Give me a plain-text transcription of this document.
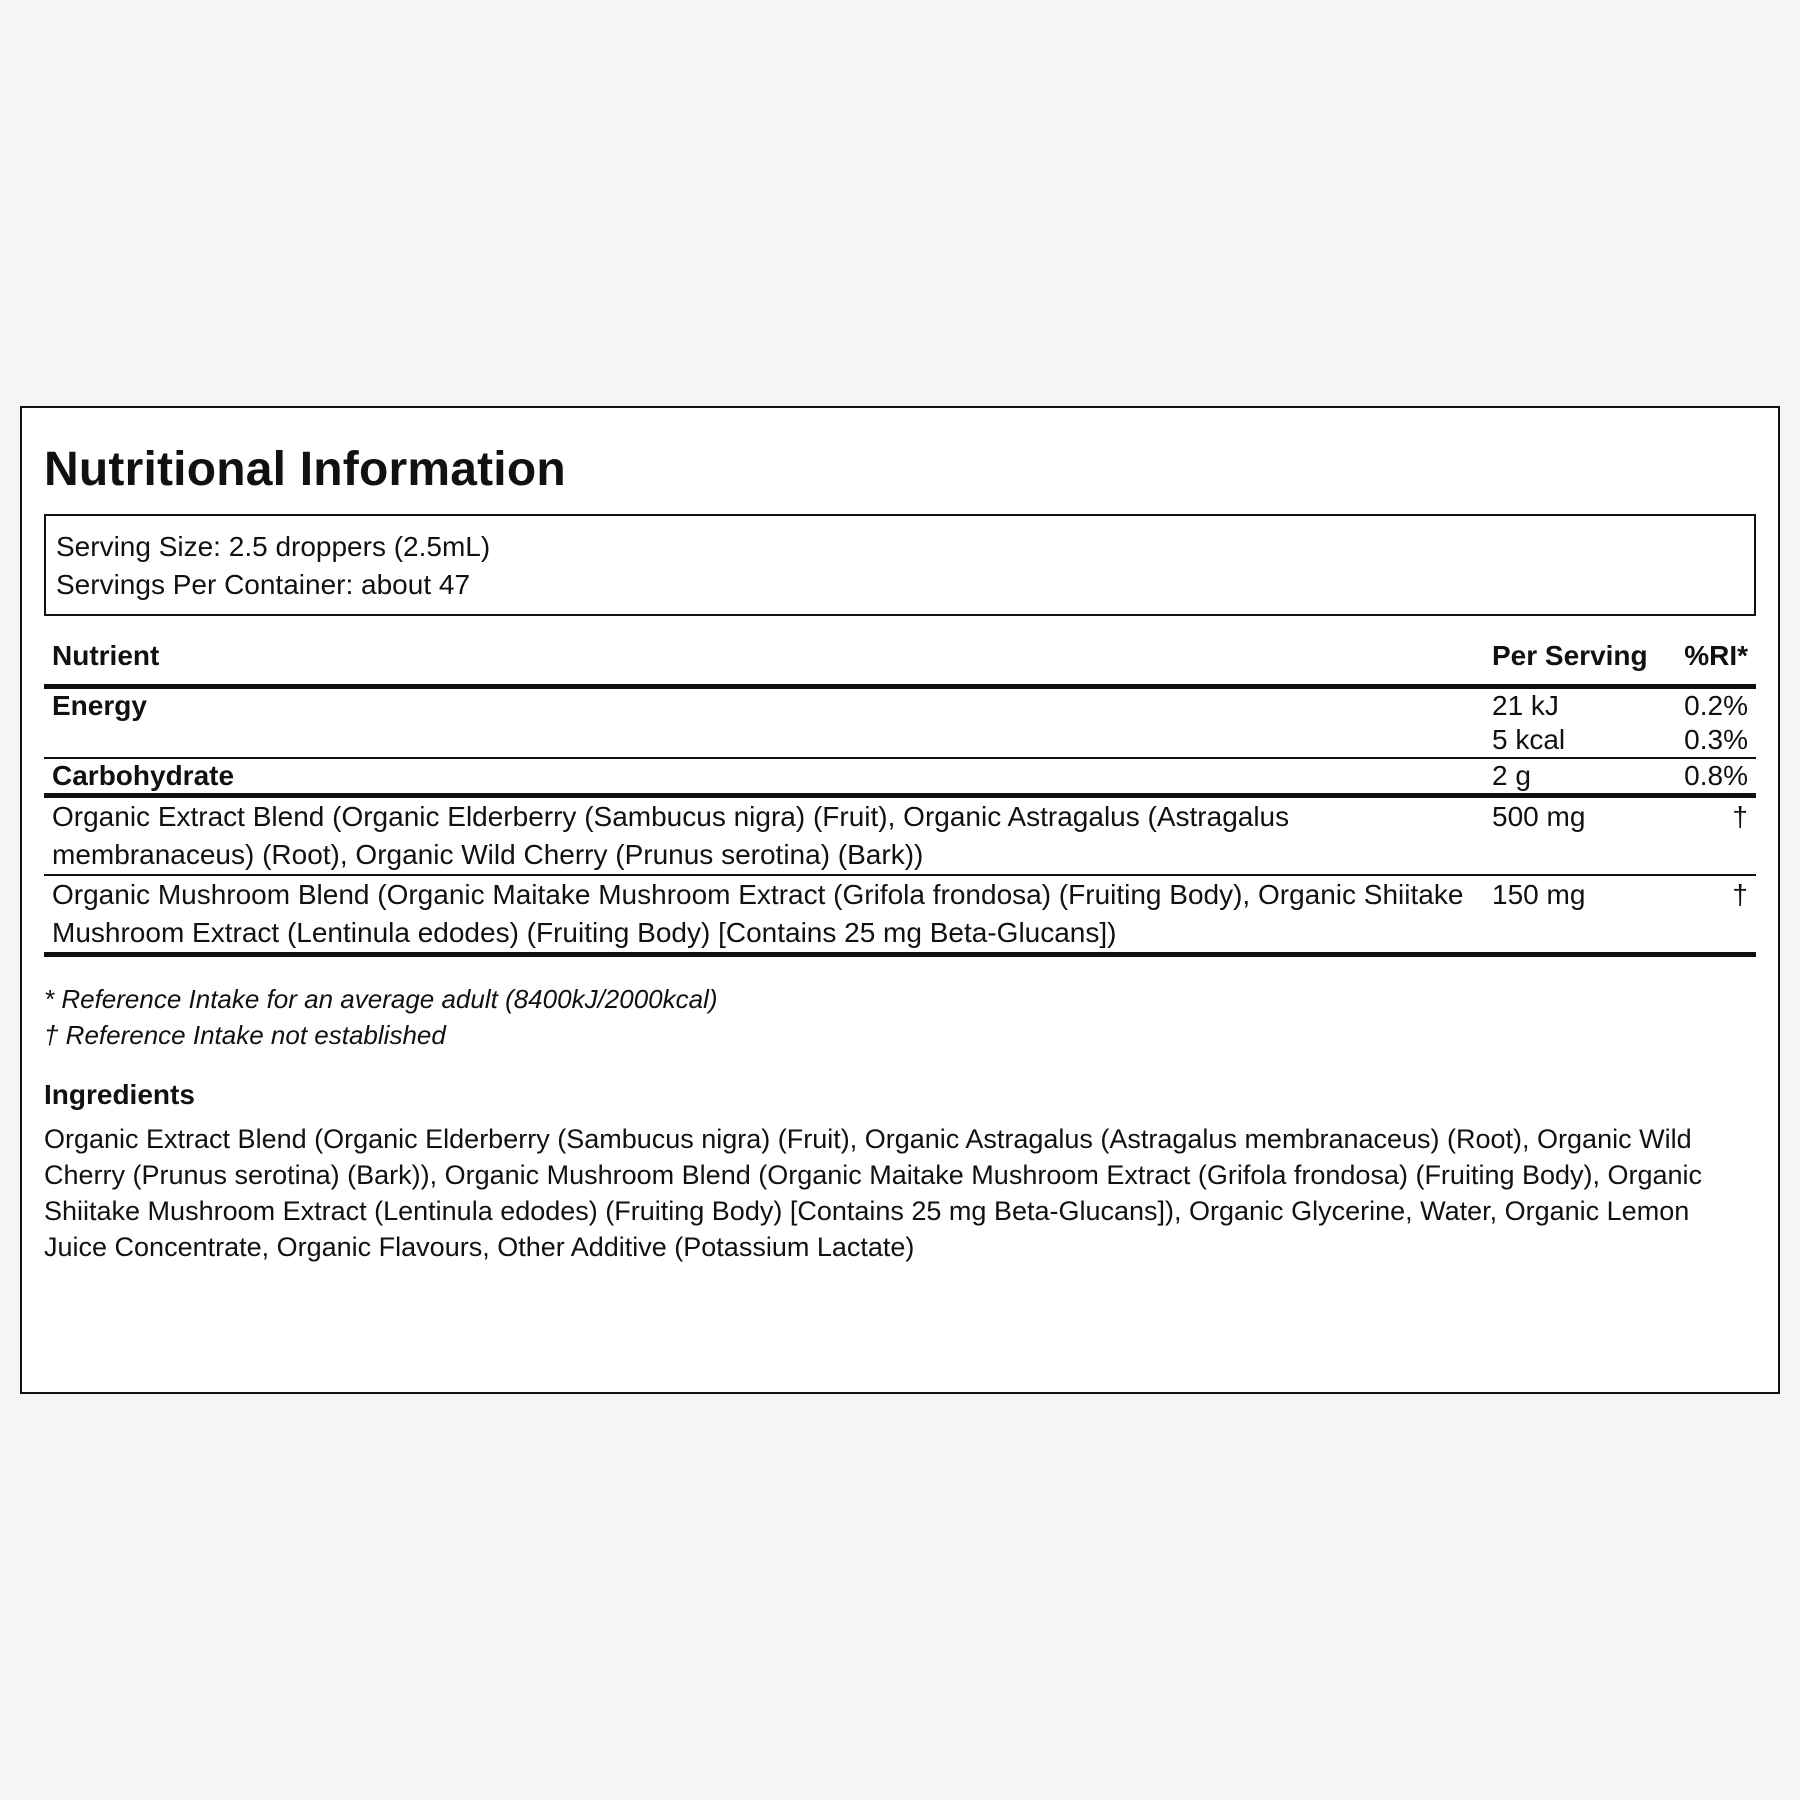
Nutritional Information
Serving Size: 2.5 droppers (2.5mL)
Servings Per Container: about 47
Nutrient	Per Serving	%RI*
Energy	21 kJ	0.2%
	5 kcal	0.3%
Carbohydrate	2 g	0.8%
Organic Extract Blend (Organic Elderberry (Sambucus nigra) (Fruit), Organic Astragalus (Astragalus membranaceus) (Root), Organic Wild Cherry (Prunus serotina) (Bark))	500 mg	†
Organic Mushroom Blend (Organic Maitake Mushroom Extract (Grifola frondosa) (Fruiting Body), Organic Shiitake Mushroom Extract (Lentinula edodes) (Fruiting Body) [Contains 25 mg Beta-Glucans])	150 mg	†
* Reference Intake for an average adult (8400kJ/2000kcal)
† Reference Intake not established
Ingredients
Organic Extract Blend (Organic Elderberry (Sambucus nigra) (Fruit), Organic Astragalus (Astragalus membranaceus) (Root), Organic Wild Cherry (Prunus serotina) (Bark)), Organic Mushroom Blend (Organic Maitake Mushroom Extract (Grifola frondosa) (Fruiting Body), Organic Shiitake Mushroom Extract (Lentinula edodes) (Fruiting Body) [Contains 25 mg Beta-Glucans]), Organic Glycerine, Water, Organic Lemon Juice Concentrate, Organic Flavours, Other Additive (Potassium Lactate)
